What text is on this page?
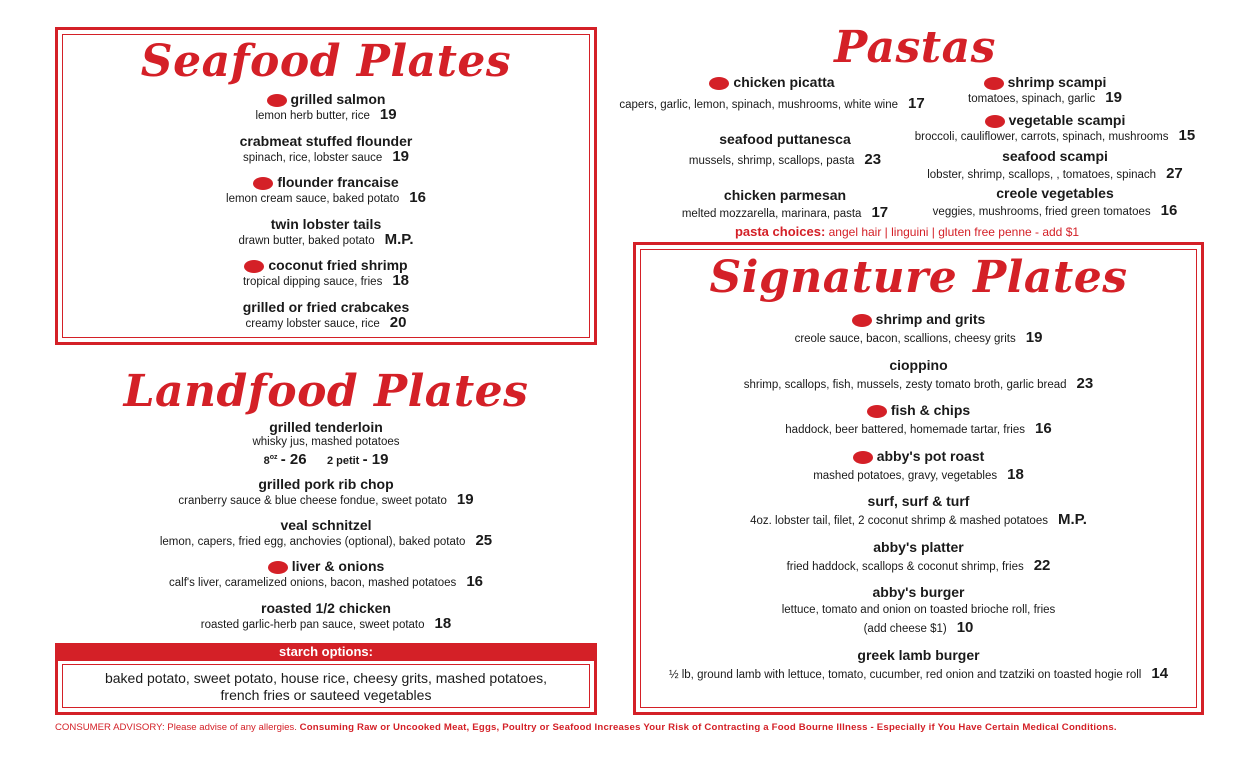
Seafood Plates
grilled salmon
lemon herb butter, rice 19
crabmeat stuffed flounder
spinach, rice, lobster sauce 19
flounder francaise
lemon cream sauce, baked potato 16
twin lobster tails
drawn butter, baked potato M.P.
coconut fried shrimp
tropical dipping sauce, fries 18
grilled or fried crabcakes
creamy lobster sauce, rice 20
Landfood Plates
grilled tenderloin
whisky jus, mashed potatoes
$8^{oz} - 26$ 2 petit - 19
grilled pork rib chop
cranberry sauce & blue cheese fondue, sweet potato 19
veal schnitzel
lemon, capers, fried egg, anchovies (optional), baked potato 25
liver & onions
calf's liver, caramelized onions, bacon, mashed potatoes 16
roasted 1/2 chicken
roasted garlic-herb pan sauce, sweet potato 18
starch options:
baked potato, sweet potato, house rice, cheesy grits, mashed potatoes,
french fries or sauteed vegetables
Pastas
chicken picatta
capers, garlic, lemon, spinach, mushrooms, white wine 17
shrimp scampi
tomatoes, spinach, garlic 19
vegetable scampi
broccoli, cauliflower, carrots, spinach, mushrooms 15
seafood puttanesca
mussels, shrimp, scallops, pasta 23	seafood scampi
lobster, shrimp, scallops, , tomatoes, spinach 27
chicken parmesan
melted mozzarella, marinara, pasta 17
creole vegetables
veggies, mushrooms, fried green tomatoes 16
pasta choices: angel hair | linguini | gluten free penne - add $1
Signature Plates
shrimp and grits
creole sauce, bacon, scallions, cheesy grits 19
cioppino
shrimp, scallops, fish, mussels, zesty tomato broth, garlic bread 23
fish & chips
haddock, beer battered, homemade tartar, fries 16
abby's pot roast
mashed potatoes, gravy, vegetables 18
surf, surf & turf
4oz. lobster tail, filet, 2 coconut shrimp & mashed potatoes M.P.
abby's platter
fried haddock, scallops & coconut shrimp, fries 22
abby's burger
lettuce, tomato and onion on toasted brioche roll, fries
(add cheese $1) 10
greek lamb burger
½ lb, ground lamb with lettuce, tomato, cucumber, red onion and tzatziki on toasted hogie roll 14
CONSUMER ADVISORY: Please advise of any allergies. Consuming Raw or Uncooked Meat, Eggs, Poultry or Seafood Increases Your Risk of Contracting a Food Bourne Illness - Especially if You Have Certain Medical Conditions.
